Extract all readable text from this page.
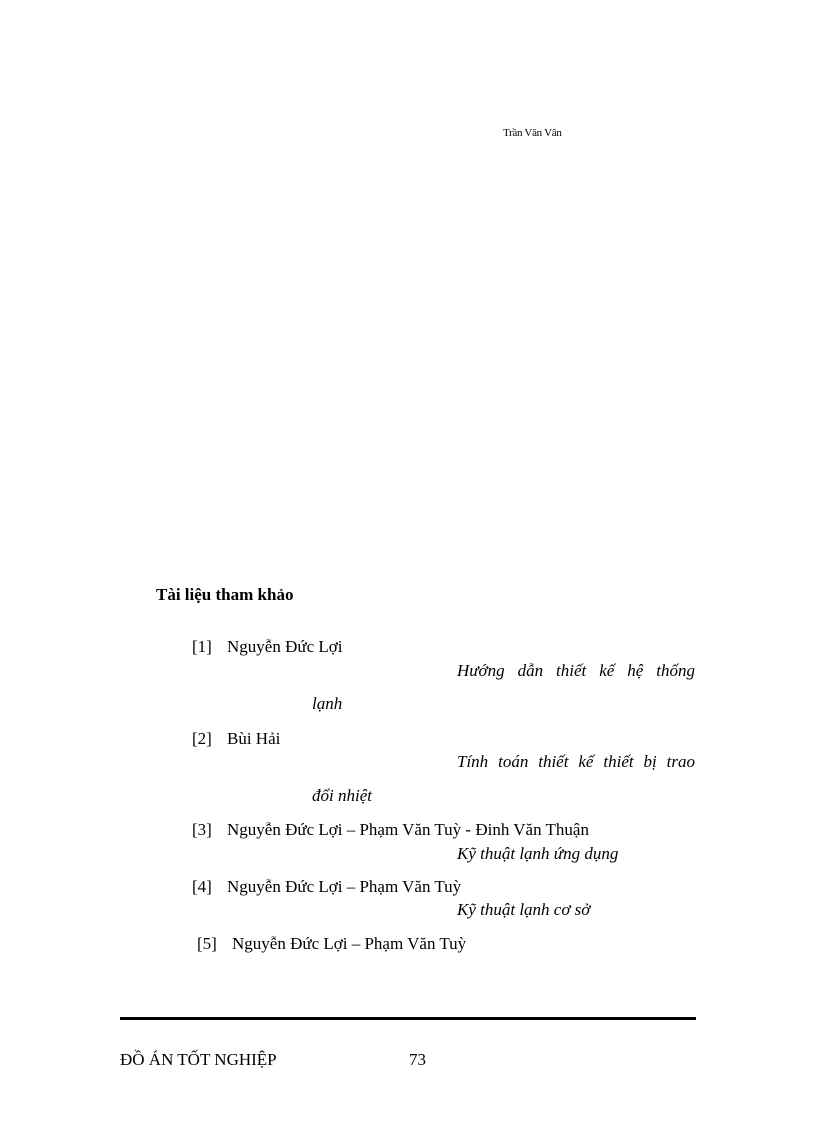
Trần Văn Vân
Tài liệu tham khảo
[1] Nguyễn Đức Lợi
Hướng dẫn thiết kế hệ thống
lạnh
[2] Bùi Hải
Tính toán thiết kế thiết bị trao
đổi nhiệt
[3] Nguyễn Đức Lợi – Phạm Văn Tuỳ - Đinh Văn Thuận
Kỹ thuật lạnh ứng dụng
[4] Nguyễn Đức Lợi – Phạm Văn Tuỳ
Kỹ thuật lạnh cơ sở
[5] Nguyễn Đức Lợi – Phạm Văn Tuỳ
ĐỒ ÁN TỐT NGHIỆP	73
